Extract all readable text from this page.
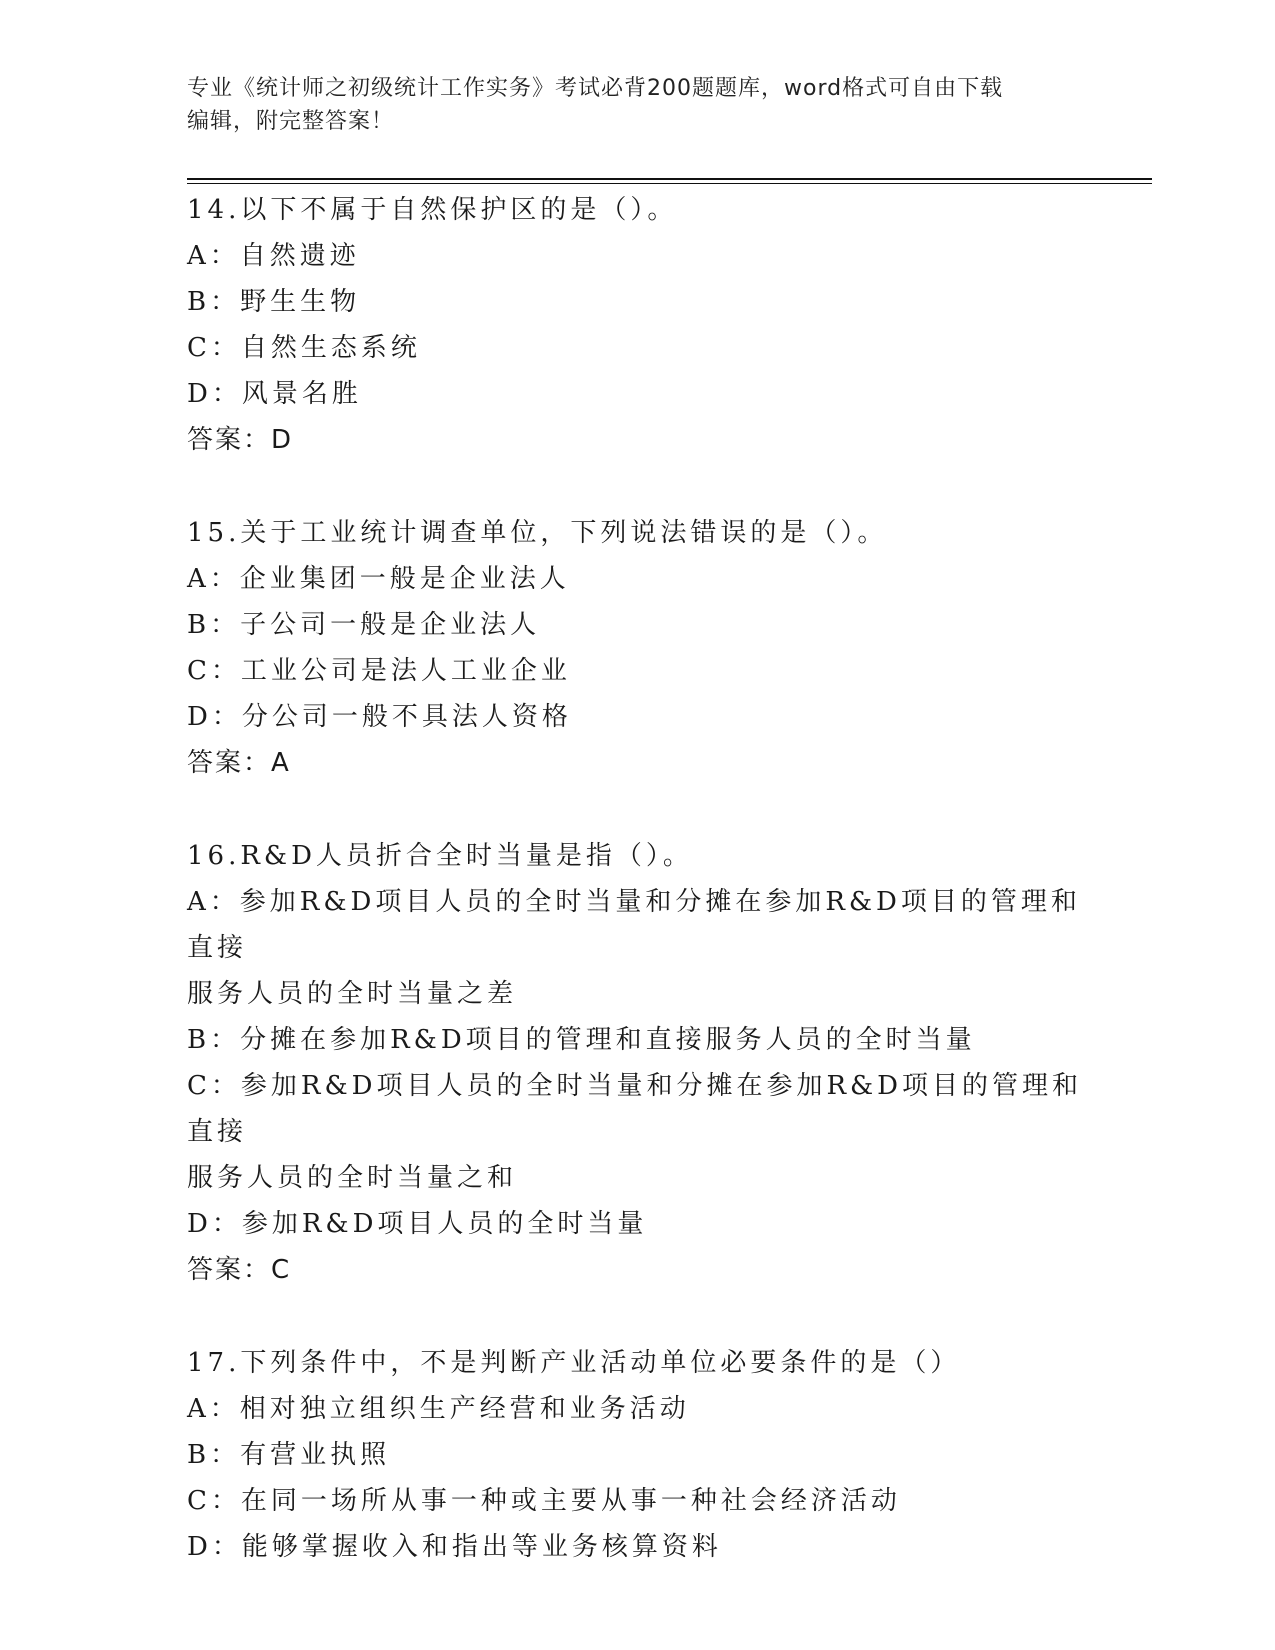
专业《统计师之初级统计工作实务》考试必背200题题库，word格式可自由下载
编辑，附完整答案！
14.以下不属于自然保护区的是（）。
A：自然遗迹
B：野生生物
C：自然生态系统
D：风景名胜
答案：D
15.关于工业统计调查单位，下列说法错误的是（）。
A：企业集团一般是企业法人
B：子公司一般是企业法人
C：工业公司是法人工业企业
D：分公司一般不具法人资格
答案：A
16.R&D人员折合全时当量是指（）。
A：参加R&D项目人员的全时当量和分摊在参加R&D项目的管理和直接
服务人员的全时当量之差
B：分摊在参加R&D项目的管理和直接服务人员的全时当量
C：参加R&D项目人员的全时当量和分摊在参加R&D项目的管理和直接
服务人员的全时当量之和
D：参加R&D项目人员的全时当量
答案：C
17.下列条件中，不是判断产业活动单位必要条件的是（）
A：相对独立组织生产经营和业务活动
B：有营业执照
C：在同一场所从事一种或主要从事一种社会经济活动
D：能够掌握收入和指出等业务核算资料
